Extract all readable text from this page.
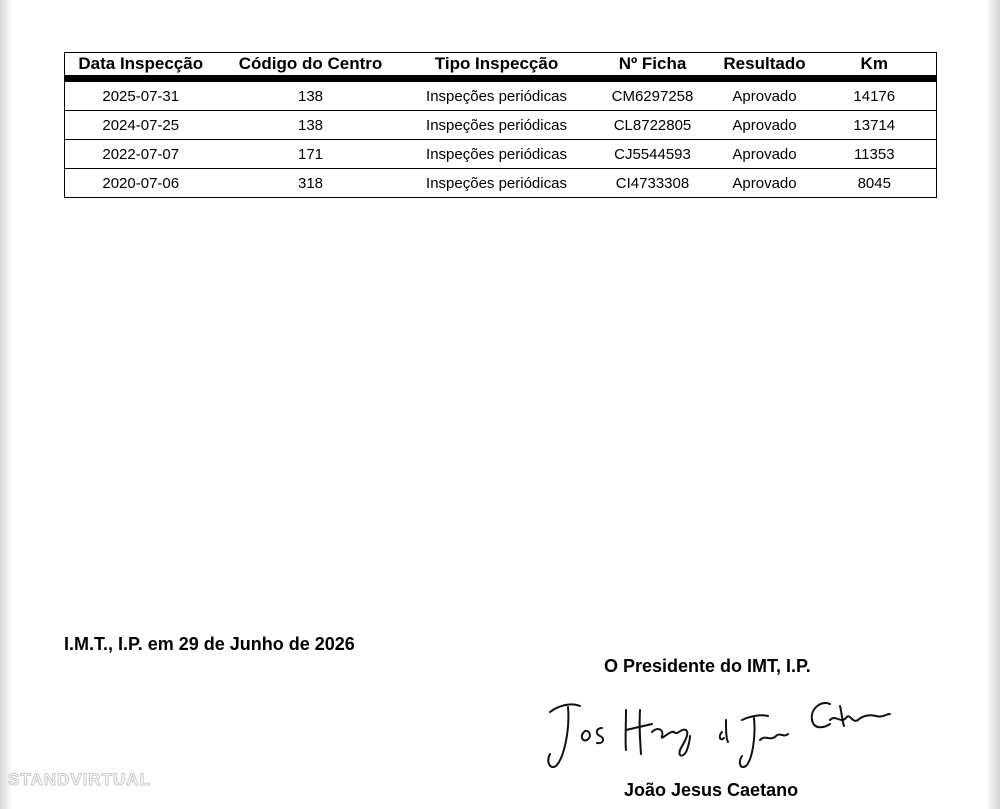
Data Inspecção	Código do Centro	Tipo Inspecção	Nº Ficha	Resultado	Km
2025-07-31	138	Inspeções periódicas	CM6297258	Aprovado	14176
2024-07-25	138	Inspeções periódicas	CL8722805	Aprovado	13714
2022-07-07	171	Inspeções periódicas	CJ5544593	Aprovado	11353
2020-07-06	318	Inspeções periódicas	CI4733308	Aprovado	8045
I.M.T., I.P. em 29 de Junho de 2026
O Presidente do IMT, I.P.
João Jesus Caetano
STANDVIRTUAL
